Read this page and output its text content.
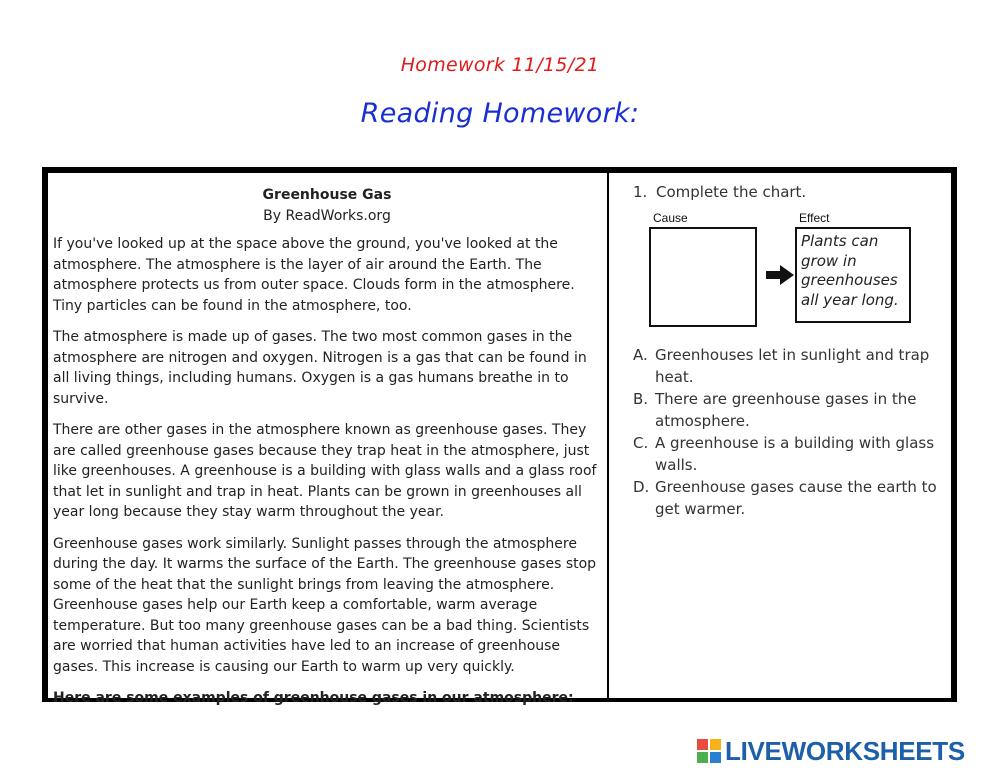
Homework 11/15/21
Reading Homework:

Greenhouse Gas

By ReadWorks.org

If you've looked up at the space above the ground, you've looked at the atmosphere. The atmosphere is the layer of air around the Earth. The atmosphere protects us from outer space. Clouds form in the atmosphere. Tiny particles can be found in the atmosphere, too.

The atmosphere is made up of gases. The two most common gases in the atmosphere are nitrogen and oxygen. Nitrogen is a gas that can be found in all living things, including humans. Oxygen is a gas humans breathe in to survive.

There are other gases in the atmosphere known as greenhouse gases. They are called greenhouse gases because they trap heat in the atmosphere, just like greenhouses. A greenhouse is a building with glass walls and a glass roof that let in sunlight and trap in heat. Plants can be grown in greenhouses all year long because they stay warm throughout the year.

Greenhouse gases work similarly. Sunlight passes through the atmosphere during the day. It warms the surface of the Earth. The greenhouse gases stop some of the heat that the sunlight brings from leaving the atmosphere. Greenhouse gases help our Earth keep a comfortable, warm average temperature. But too many greenhouse gases can be a bad thing. Scientists are worried that human activities have led to an increase of greenhouse gases. This increase is causing our Earth to warm up very quickly.

Here are some examples of greenhouse gases in our atmosphere:

1. Complete the chart.
Cause	Effect
Plants can grow in greenhouses all year long.
A. Greenhouses let in sunlight and trap heat.
B. There are greenhouse gases in the atmosphere.
C. A greenhouse is a building with glass walls.
D. Greenhouse gases cause the earth to get warmer.
LIVEWORKSHEETS
